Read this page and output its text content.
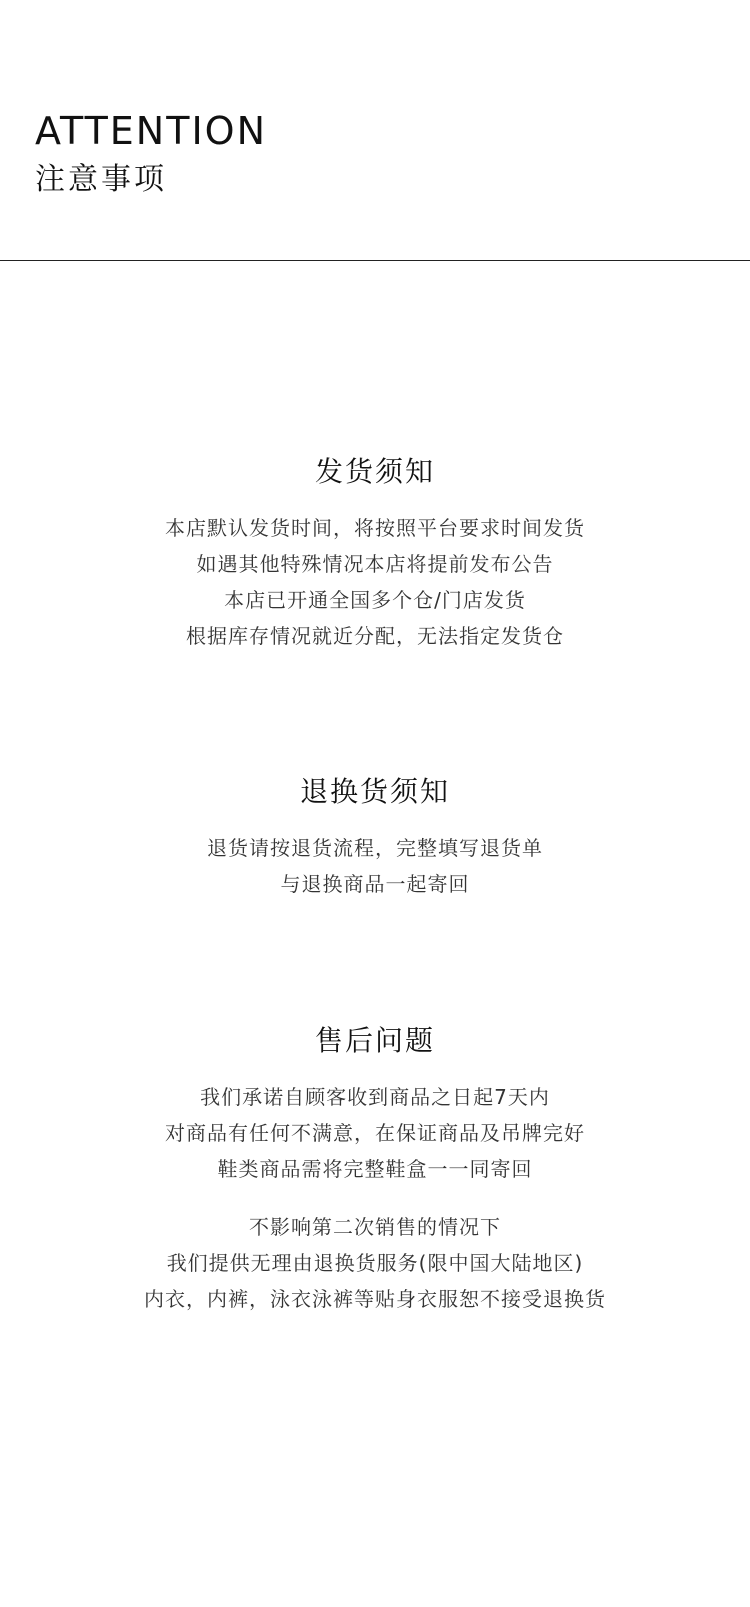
ATTENTION
注意事项
发货须知
本店默认发货时间，将按照平台要求时间发货
如遇其他特殊情况本店将提前发布公告
本店已开通全国多个仓/门店发货
根据库存情况就近分配，无法指定发货仓
退换货须知
退货请按退货流程，完整填写退货单
与退换商品一起寄回
售后问题
我们承诺自顾客收到商品之日起7天内
对商品有任何不满意，在保证商品及吊牌完好
鞋类商品需将完整鞋盒一一同寄回
不影响第二次销售的情况下
我们提供无理由退换货服务(限中国大陆地区)
内衣，内裤，泳衣泳裤等贴身衣服恕不接受退换货
